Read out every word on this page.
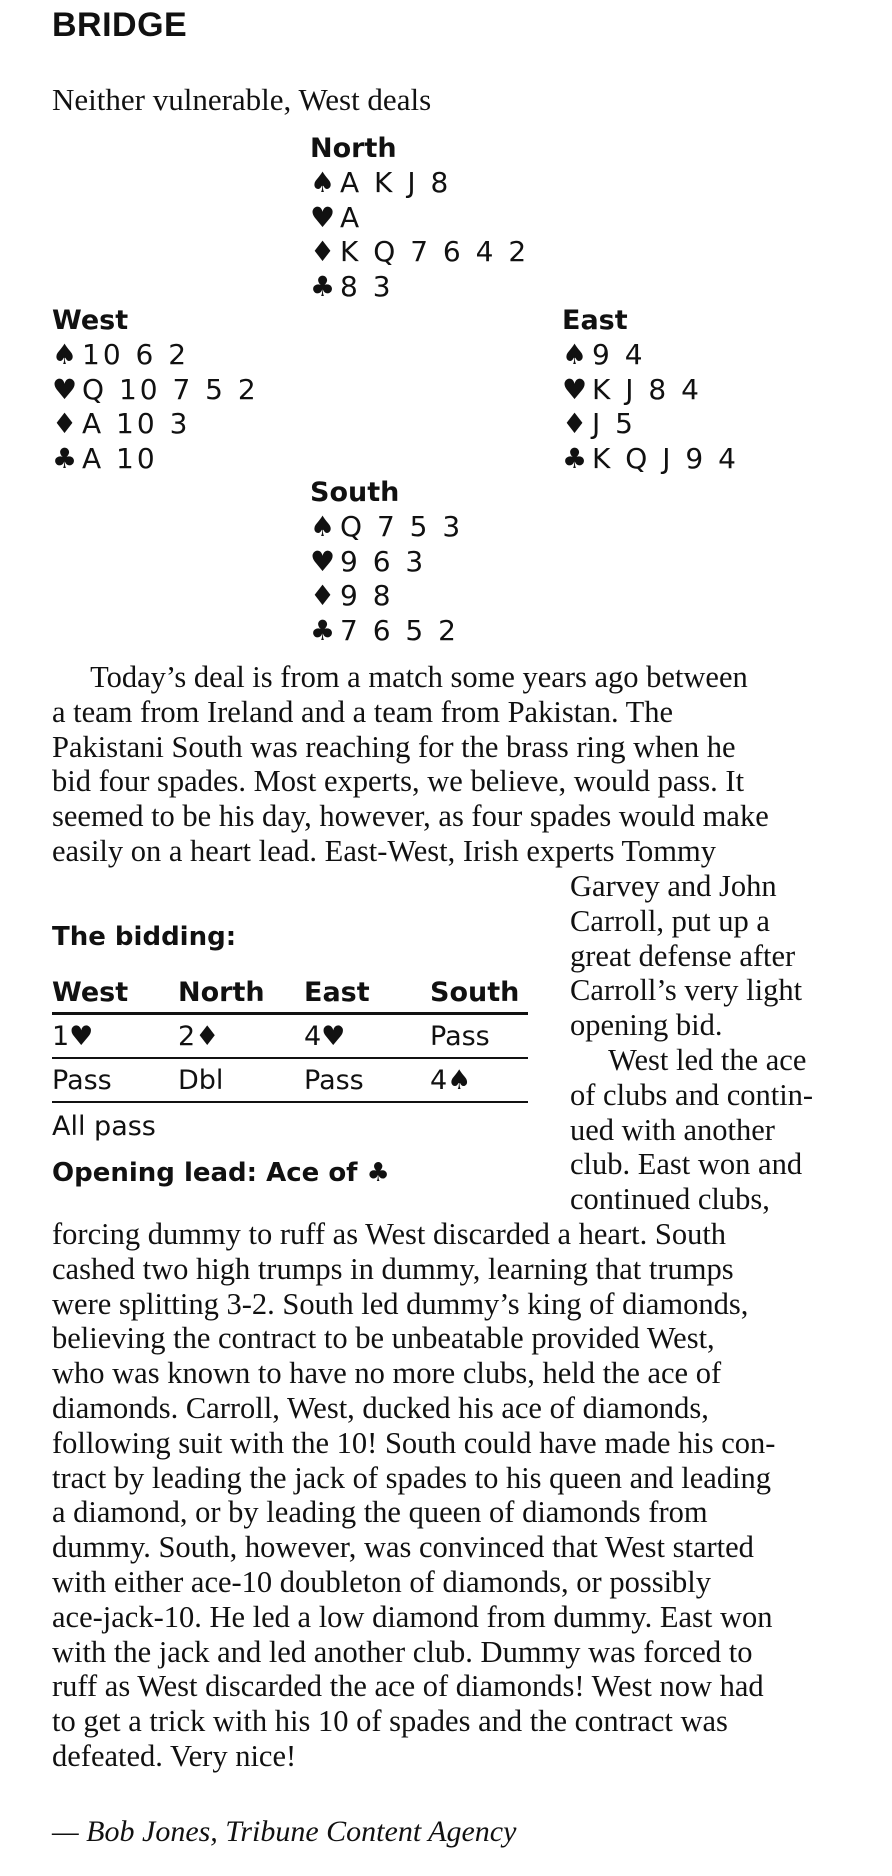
BRIDGE
Neither vulnerable, West deals
North
♠ A K J 8
♥ A
♦ K Q 7 6 4 2
♣ 8 3
West
♠ 10 6 2
♥ Q 10 7 5 2
♦ A 10 3
♣ A 10
East
♠ 9 4
♥ K J 8 4
♦ J 5
♣ K Q J 9 4
South
♠ Q 7 5 3
♥ 9 6 3
♦ 9 8
♣ 7 6 5 2
Today’s deal is from a match some years ago between
a team from Ireland and a team from Pakistan. The
Pakistani South was reaching for the brass ring when he
bid four spades. Most experts, we believe, would pass. It
seemed to be his day, however, as four spades would make
easily on a heart lead. East-West, Irish experts Tommy
The bidding:
West	North	East	South
1♥	2♦	4♥	Pass
Pass	Dbl	Pass	4♠
All pass
Opening lead: Ace of ♣
Garvey and John
Carroll, put up a
great defense after
Carroll’s very light
opening bid.
West led the ace
of clubs and contin-
ued with another
club. East won and
continued clubs,
forcing dummy to ruff as West discarded a heart. South
cashed two high trumps in dummy, learning that trumps
were splitting 3-2. South led dummy’s king of diamonds,
believing the contract to be unbeatable provided West,
who was known to have no more clubs, held the ace of
diamonds. Carroll, West, ducked his ace of diamonds,
following suit with the 10! South could have made his con-
tract by leading the jack of spades to his queen and leading
a diamond, or by leading the queen of diamonds from
dummy. South, however, was convinced that West started
with either ace-10 doubleton of diamonds, or possibly
ace-jack-10. He led a low diamond from dummy. East won
with the jack and led another club. Dummy was forced to
ruff as West discarded the ace of diamonds! West now had
to get a trick with his 10 of spades and the contract was
defeated. Very nice!
— Bob Jones, Tribune Content Agency
